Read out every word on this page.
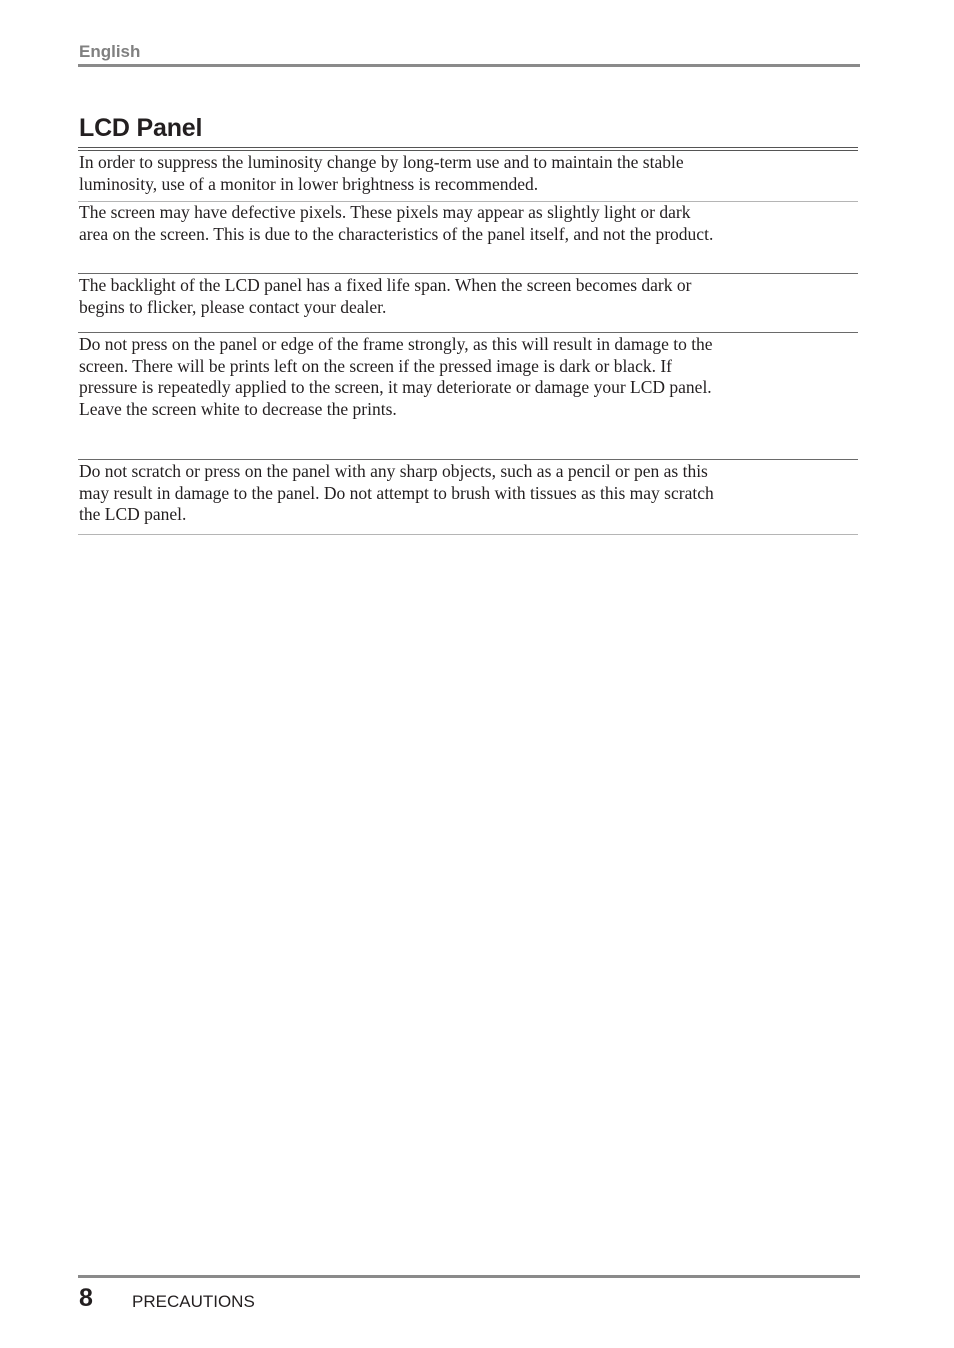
English
LCD Panel
In order to suppress the luminosity change by long-term use and to maintain the stable luminosity, use of a monitor in lower brightness is recommended.
The screen may have defective pixels. These pixels may appear as slightly light or dark area on the screen. This is due to the characteristics of the panel itself, and not the product.
The backlight of the LCD panel has a fixed life span. When the screen becomes dark or begins to flicker, please contact your dealer.
Do not press on the panel or edge of the frame strongly, as this will result in damage to the screen. There will be prints left on the screen if the pressed image is dark or black. If pressure is repeatedly applied to the screen, it may deteriorate or damage your LCD panel. Leave the screen white to decrease the prints.
Do not scratch or press on the panel with any sharp objects, such as a pencil or pen as this may result in damage to the panel. Do not attempt to brush with tissues as this may scratch the LCD panel.
8 PRECAUTIONS
